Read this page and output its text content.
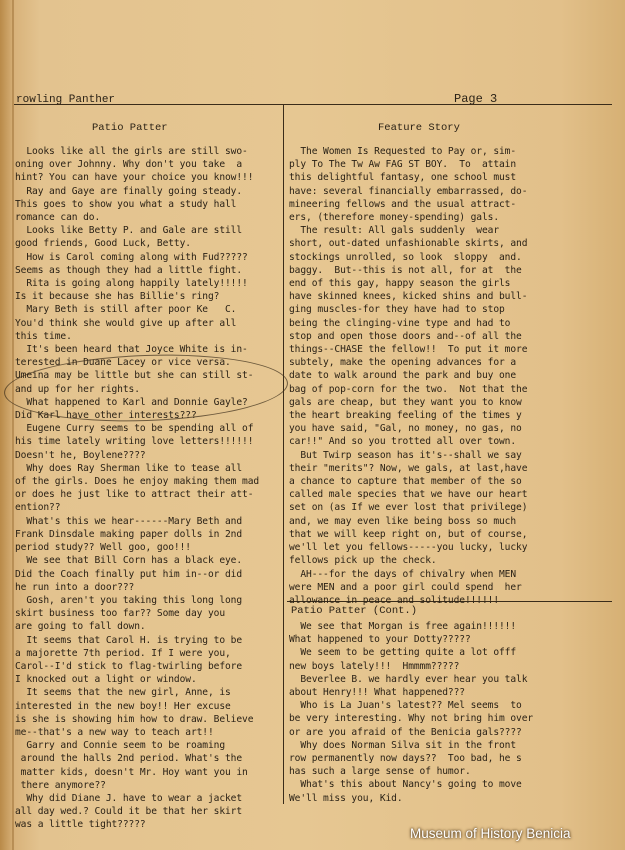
rowling Panther	Page 3
Patio Patter	Feature Story
Patio Patter (Cont.)
Looks like all the girls are still swo-
oning over Johnny. Why don't you take  a
hint? You can have your choice you know!!!
Ray and Gaye are finally going steady.
This goes to show you what a study hall
romance can do.
Looks like Betty P. and Gale are still
good friends, Good Luck, Betty.
How is Carol coming along with Fud?????
Seems as though they had a little fight.
Rita is going along happily lately!!!!!
Is it because she has Billie's ring?
Mary Beth is still after poor Ke   C.
You'd think she would give up after all
this time.
It's been heard that Joyce White is in-
terested in Duane Lacey or vice versa.
Umeina may be little but she can still st-
and up for her rights.
What happened to Karl and Donnie Gayle?
Did Karl have other interests???
Eugene Curry seems to be spending all of
his time lately writing love letters!!!!!!
Doesn't he, Boylene????
Why does Ray Sherman like to tease all
of the girls. Does he enjoy making them mad
or does he just like to attract their att-
ention??
What's this we hear------Mary Beth and
Frank Dinsdale making paper dolls in 2nd
period study?? Well goo, goo!!!
We see that Bill Corn has a black eye.
Did the Coach finally put him in--or did
he run into a door???
Gosh, aren't you taking this long long
skirt business too far?? Some day you
are going to fall down.
It seems that Carol H. is trying to be
a majorette 7th period. If I were you,
Carol--I'd stick to flag-twirling before
I knocked out a light or window.
It seems that the new girl, Anne, is
interested in the new boy!! Her excuse
is she is showing him how to draw. Believe
me--that's a new way to teach art!!
Garry and Connie seem to be roaming
around the halls 2nd period. What's the
matter kids, doesn't Mr. Hoy want you in
there anymore??
Why did Diane J. have to wear a jacket
all day wed.? Could it be that her skirt
was a little tight?????
The Women Is Requested to Pay or, sim-
ply To The Tw Aw FAG ST BOY.  To  attain
this delightful fantasy, one school must
have: several financially embarrassed, do-
mineering fellows and the usual attract-
ers, (therefore money-spending) gals.
The result: All gals suddenly  wear
short, out-dated unfashionable skirts, and
stockings unrolled, so look  sloppy  and.
baggy.  But--this is not all, for at  the
end of this gay, happy season the girls
have skinned knees, kicked shins and bull-
ging muscles-for they have had to stop
being the clinging-vine type and had to
stop and open those doors and--of all the
things--CHASE the fellow!!  To put it more
subtely, make the opening advances for a
date to walk around the park and buy one
bag of pop-corn for the two.  Not that the
gals are cheap, but they want you to know
the heart breaking feeling of the times y
you have said, "Gal, no money, no gas, no
car!!" And so you trotted all over town.
But Twirp season has it's--shall we say
their "merits"? Now, we gals, at last,have
a chance to capture that member of the so
called male species that we have our heart
set on (as If we ever lost that privilege)
and, we may even like being boss so much
that we will keep right on, but of course,
we'll let you fellows-----you lucky, lucky
fellows pick up the check.
AH---for the days of chivalry when MEN
were MEN and a poor girl could spend  her
allowance in peace and solitude!!!!!!
We see that Morgan is free again!!!!!!
What happened to your Dotty?????
We seem to be getting quite a lot offf
new boys lately!!!  Hmmmm?????
Beverlee B. we hardly ever hear you talk
about Henry!!! What happened???
Who is La Juan's latest?? Mel seems  to
be very interesting. Why not bring him over
or are you afraid of the Benicia gals????
Why does Norman Silva sit in the front
row permanently now days??  Too bad, he s
has such a large sense of humor.
What's this about Nancy's going to move
We'll miss you, Kid.
Museum of History Benicia
